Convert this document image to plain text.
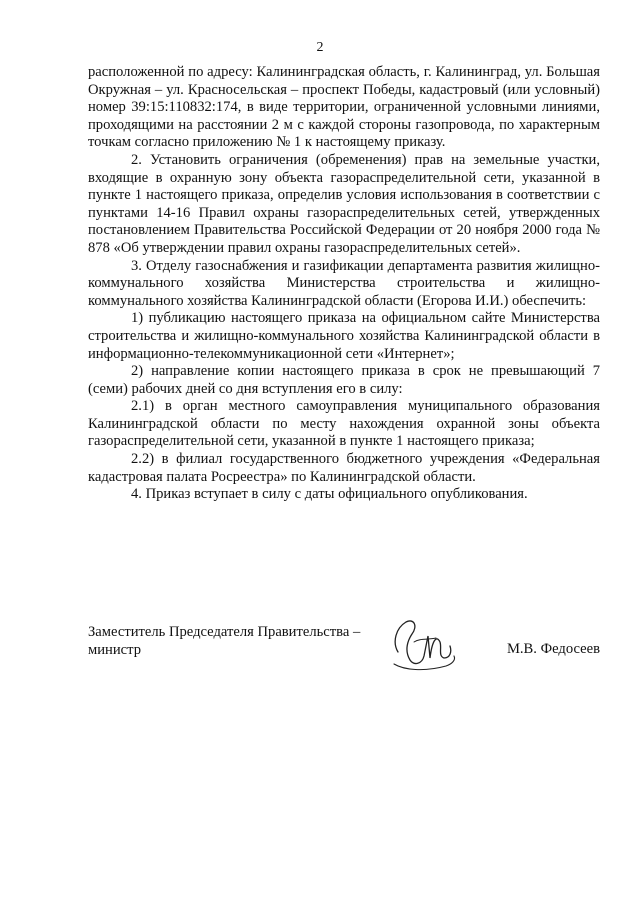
2

расположенной по адресу: Калининградская область, г. Калининград, ул. Большая Окружная – ул. Красносельская – проспект Победы, кадастровый (или условный) номер 39:15:110832:174, в виде территории, ограниченной условными линиями, проходящими на расстоянии 2 м с каждой стороны газопровода, по характерным точкам согласно приложению № 1 к настоящему приказу.

2. Установить ограничения (обременения) прав на земельные участки, входящие в охранную зону объекта газораспределительной сети, указанной в пункте 1 настоящего приказа, определив условия использования в соответствии с пунктами 14-16 Правил охраны газораспределительных сетей, утвержденных постановлением Правительства Российской Федерации от 20 ноября 2000 года № 878 «Об утверждении правил охраны газораспределительных сетей».

3. Отделу газоснабжения и газификации департамента развития жилищно-коммунального хозяйства Министерства строительства и жилищно-коммунального хозяйства Калининградской области (Егорова И.И.) обеспечить:

1) публикацию настоящего приказа на официальном сайте Министерства строительства и жилищно-коммунального хозяйства Калининградской области в информационно-телекоммуникационной сети «Интернет»;

2) направление копии настоящего приказа в срок не превышающий 7 (семи) рабочих дней со дня вступления его в силу:

2.1) в орган местного самоуправления муниципального образования Калининградской области по месту нахождения охранной зоны объекта газораспределительной сети, указанной в пункте 1 настоящего приказа;

2.2) в филиал государственного бюджетного учреждения «Федеральная кадастровая палата Росреестра» по Калининградской области.

4. Приказ вступает в силу с даты официального опубликования.

Заместитель Председателя Правительства –
министр	М.В. Федосеев
